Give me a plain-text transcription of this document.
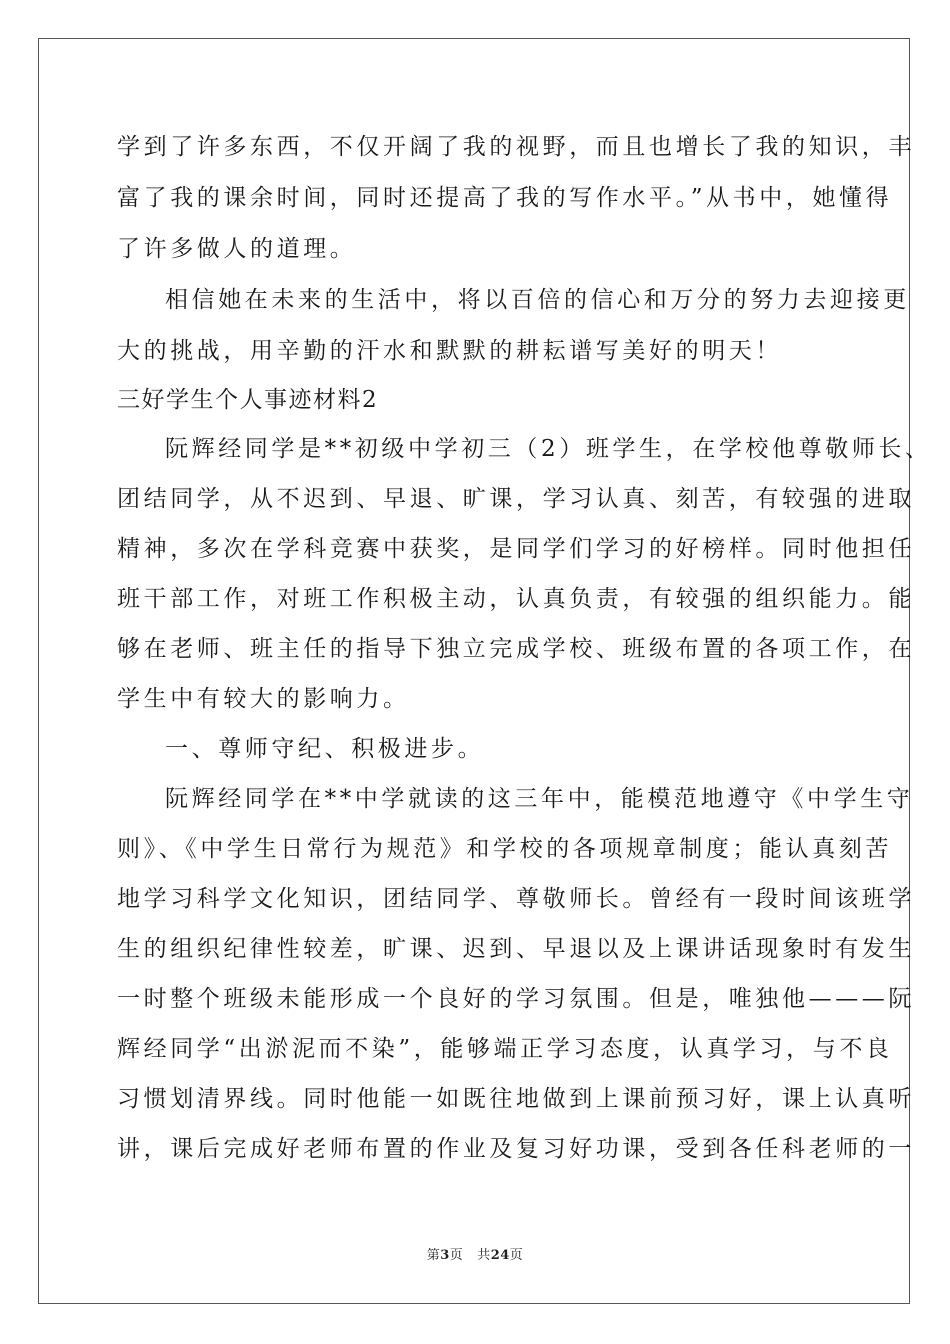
学到了许多东西，不仅开阔了我的视野，而且也增长了我的知识，丰
富了我的课余时间，同时还提高了我的写作水平。”从书中，她懂得
了许多做人的道理。
相信她在未来的生活中，将以百倍的信心和万分的努力去迎接更
大的挑战，用辛勤的汗水和默默的耕耘谱写美好的明天！
三好学生个人事迹材料2
阮辉经同学是**初级中学初三（2）班学生，在学校他尊敬师长、
团结同学，从不迟到、早退、旷课，学习认真、刻苦，有较强的进取
精神，多次在学科竞赛中获奖，是同学们学习的好榜样。同时他担任
班干部工作，对班工作积极主动，认真负责，有较强的组织能力。能
够在老师、班主任的指导下独立完成学校、班级布置的各项工作，在
学生中有较大的影响力。
一、尊师守纪、积极进步。
阮辉经同学在**中学就读的这三年中，能模范地遵守《中学生守
则》、《中学生日常行为规范》和学校的各项规章制度；能认真刻苦
地学习科学文化知识，团结同学、尊敬师长。曾经有一段时间该班学
生的组织纪律性较差，旷课、迟到、早退以及上课讲话现象时有发生
一时整个班级未能形成一个良好的学习氛围。但是，唯独他———阮
辉经同学“出淤泥而不染”，能够端正学习态度，认真学习，与不良
习惯划清界线。同时他能一如既往地做到上课前预习好，课上认真听
讲，课后完成好老师布置的作业及复习好功课，受到各任科老师的一
第3页 共24页
